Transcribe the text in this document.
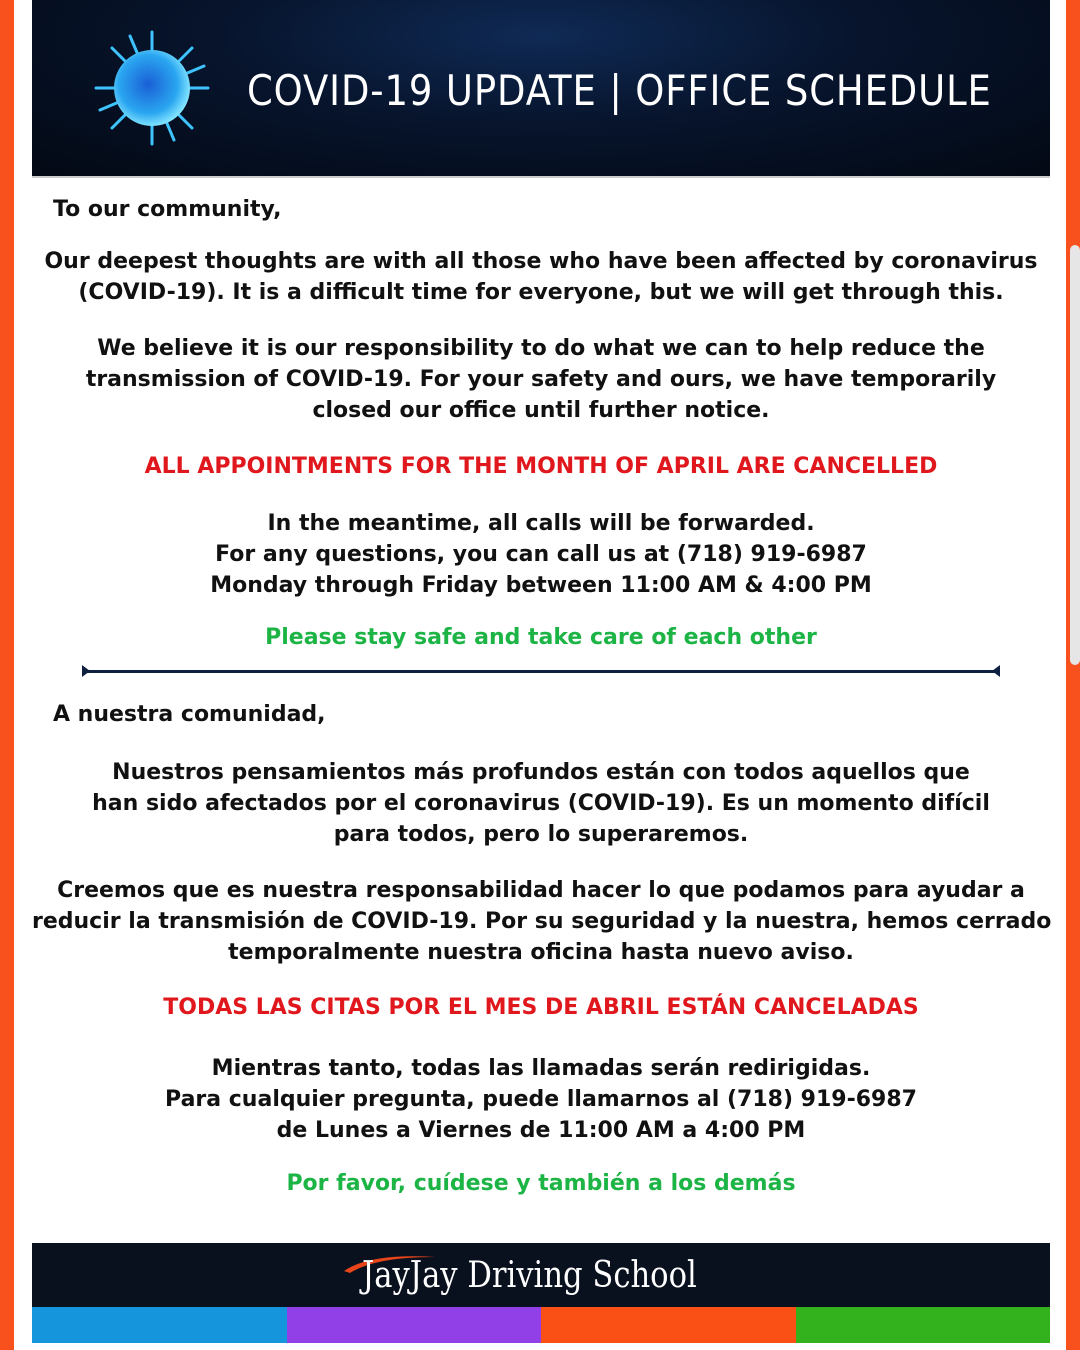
COVID-19 UPDATE | OFFICE SCHEDULE
To our community,
Our deepest thoughts are with all those who have been affected by coronavirus
(COVID-19). It is a difficult time for everyone, but we will get through this.
We believe it is our responsibility to do what we can to help reduce the
transmission of COVID-19. For your safety and ours, we have temporarily
closed our office until further notice.
ALL APPOINTMENTS FOR THE MONTH OF APRIL ARE CANCELLED
In the meantime, all calls will be forwarded.
For any questions, you can call us at (718) 919-6987
Monday through Friday between 11:00 AM & 4:00 PM
Please stay safe and take care of each other
A nuestra comunidad,
Nuestros pensamientos más profundos están con todos aquellos que
han sido afectados por el coronavirus (COVID-19). Es un momento difícil
para todos, pero lo superaremos.
Creemos que es nuestra responsabilidad hacer lo que podamos para ayudar a
reducir la transmisión de COVID-19. Por su seguridad y la nuestra, hemos cerrado
temporalmente nuestra oficina hasta nuevo aviso.
TODAS LAS CITAS POR EL MES DE ABRIL ESTÁN CANCELADAS
Mientras tanto, todas las llamadas serán redirigidas.
Para cualquier pregunta, puede llamarnos al (718) 919-6987
de Lunes a Viernes de 11:00 AM a 4:00 PM
Por favor, cuídese y también a los demás
JayJay Driving School
